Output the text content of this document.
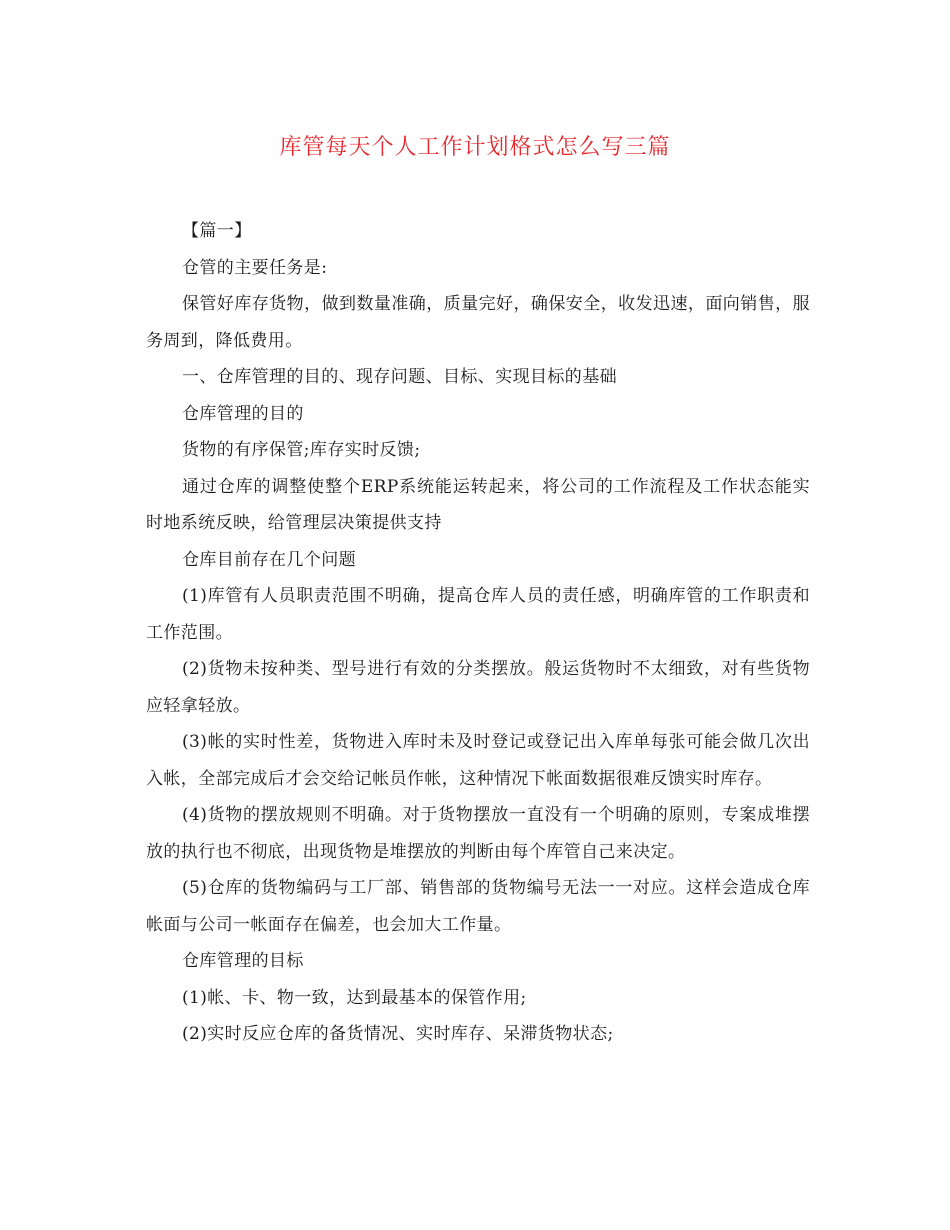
库管每天个人工作计划格式怎么写三篇

【篇一】

仓管的主要任务是:

保管好库存货物，做到数量准确，质量完好，确保安全，收发迅速，面向销售，服务周到，降低费用。

一、仓库管理的目的、现存问题、目标、实现目标的基础

仓库管理的目的

货物的有序保管;库存实时反馈;

通过仓库的调整使整个ERP系统能运转起来，将公司的工作流程及工作状态能实时地系统反映，给管理层决策提供支持

仓库目前存在几个问题

(1)库管有人员职责范围不明确，提高仓库人员的责任感，明确库管的工作职责和工作范围。

(2)货物未按种类、型号进行有效的分类摆放。般运货物时不太细致，对有些货物应轻拿轻放。

(3)帐的实时性差，货物进入库时未及时登记或登记出入库单每张可能会做几次出入帐，全部完成后才会交给记帐员作帐，这种情况下帐面数据很难反馈实时库存。

(4)货物的摆放规则不明确。对于货物摆放一直没有一个明确的原则，专案成堆摆放的执行也不彻底，出现货物是堆摆放的判断由每个库管自己来决定。

(5)仓库的货物编码与工厂部、销售部的货物编号无法一一对应。这样会造成仓库帐面与公司一帐面存在偏差，也会加大工作量。

仓库管理的目标

(1)帐、卡、物一致，达到最基本的保管作用;

(2)实时反应仓库的备货情况、实时库存、呆滞货物状态;
